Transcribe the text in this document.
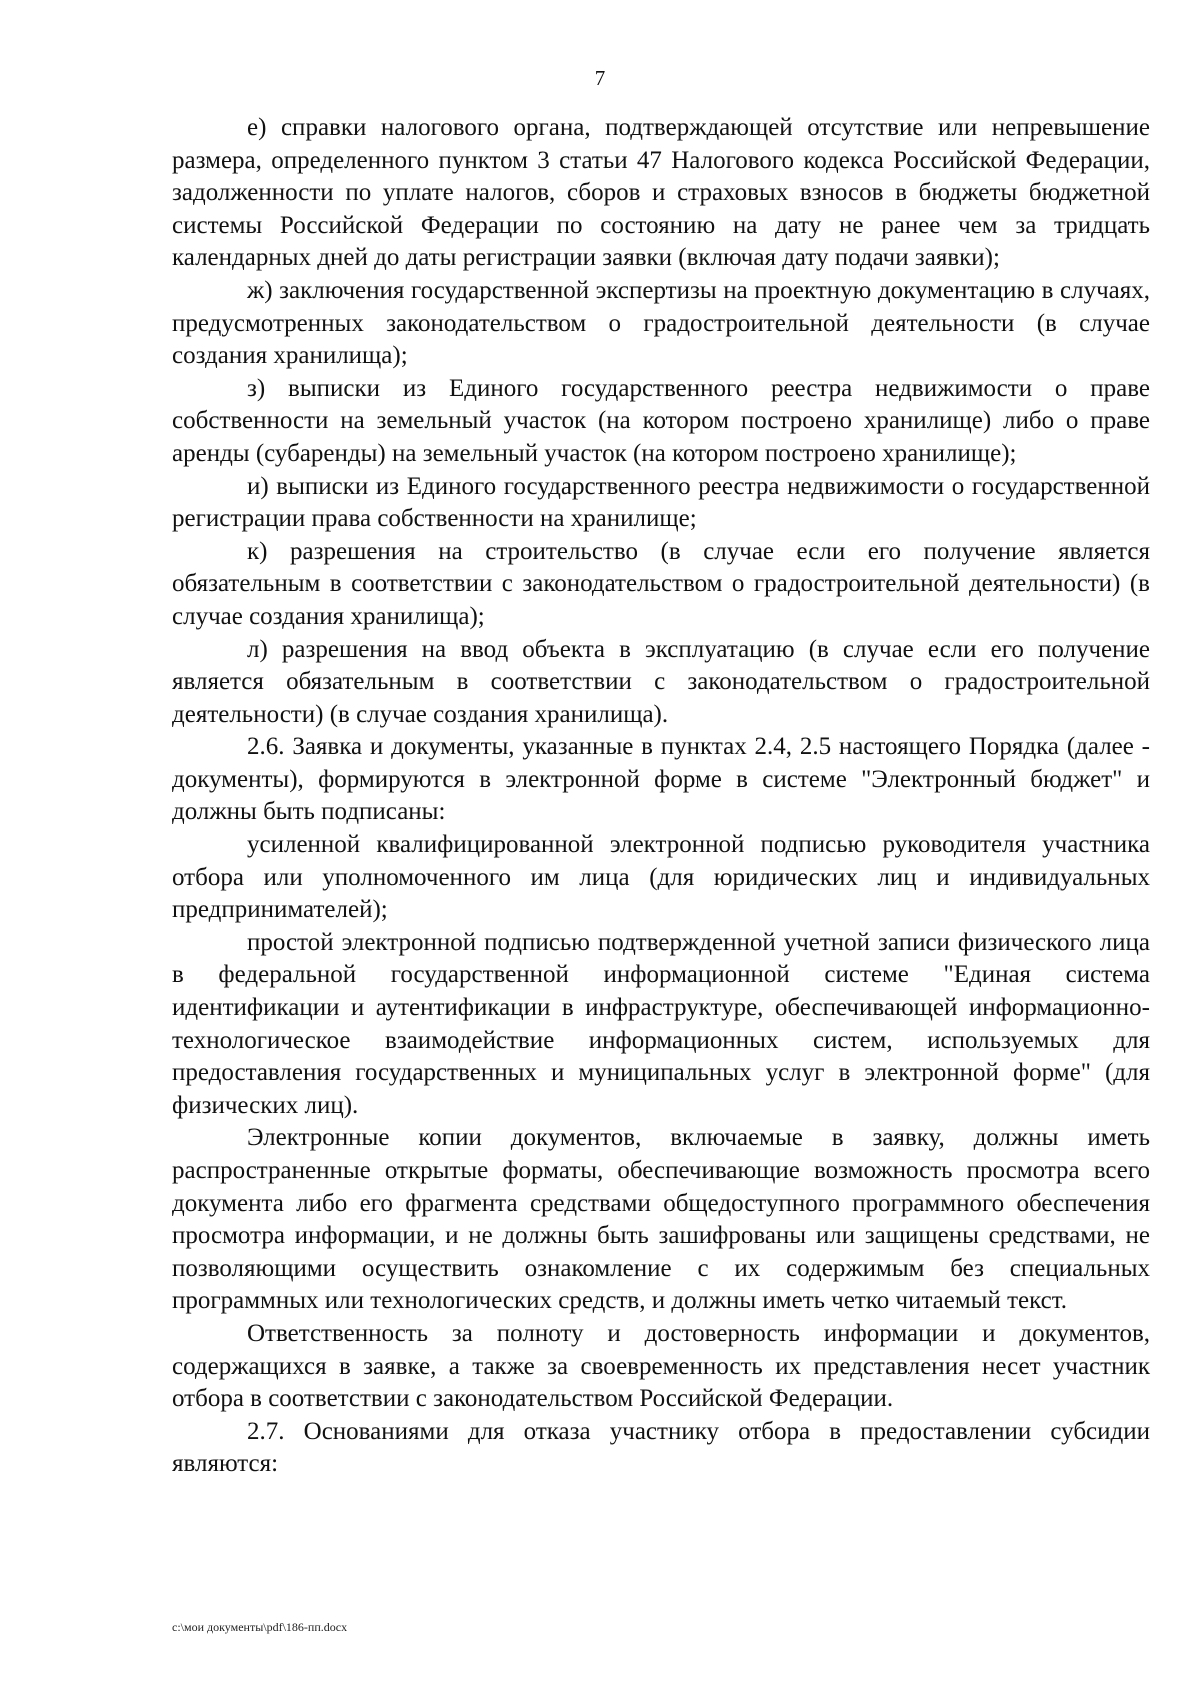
7

е) справки налогового органа, подтверждающей отсутствие или непревышение размера, определенного пунктом 3 статьи 47 Налогового кодекса Российской Федерации, задолженности по уплате налогов, сборов и страховых взносов в бюджеты бюджетной системы Российской Федерации по состоянию на дату не ранее чем за тридцать календарных дней до даты регистрации заявки (включая дату подачи заявки);

ж) заключения государственной экспертизы на проектную документацию в случаях, предусмотренных законодательством о градостроительной деятельности (в случае создания хранилища);

з) выписки из Единого государственного реестра недвижимости о праве собственности на земельный участок (на котором построено хранилище) либо о праве аренды (субаренды) на земельный участок (на котором построено хранилище);

и) выписки из Единого государственного реестра недвижимости о государственной регистрации права собственности на хранилище;

к) разрешения на строительство (в случае если его получение является обязательным в соответствии с законодательством о градостроительной деятельности) (в случае создания хранилища);

л) разрешения на ввод объекта в эксплуатацию (в случае если его получение является обязательным в соответствии с законодательством о градостроительной деятельности) (в случае создания хранилища).

2.6. Заявка и документы, указанные в пунктах 2.4, 2.5 настоящего Порядка (далее - документы), формируются в электронной форме в системе "Электронный бюджет" и должны быть подписаны:

усиленной квалифицированной электронной подписью руководителя участника отбора или уполномоченного им лица (для юридических лиц и индивидуальных предпринимателей);

простой электронной подписью подтвержденной учетной записи физического лица в федеральной государственной информационной системе "Единая система идентификации и аутентификации в инфраструктуре, обеспечивающей информационно-технологическое взаимодействие информационных систем, используемых для предоставления государственных и муниципальных услуг в электронной форме" (для физических лиц).

Электронные копии документов, включаемые в заявку, должны иметь распространенные открытые форматы, обеспечивающие возможность просмотра всего документа либо его фрагмента средствами общедоступного программного обеспечения просмотра информации, и не должны быть зашифрованы или защищены средствами, не позволяющими осуществить ознакомление с их содержимым без специальных программных или технологических средств, и должны иметь четко читаемый текст.

Ответственность за полноту и достоверность информации и документов, содержащихся в заявке, а также за своевременность их представления несет участник отбора в соответствии с законодательством Российской Федерации.

2.7. Основаниями для отказа участнику отбора в предоставлении субсидии являются:

c:\мои документы\pdf\186-пп.docx
